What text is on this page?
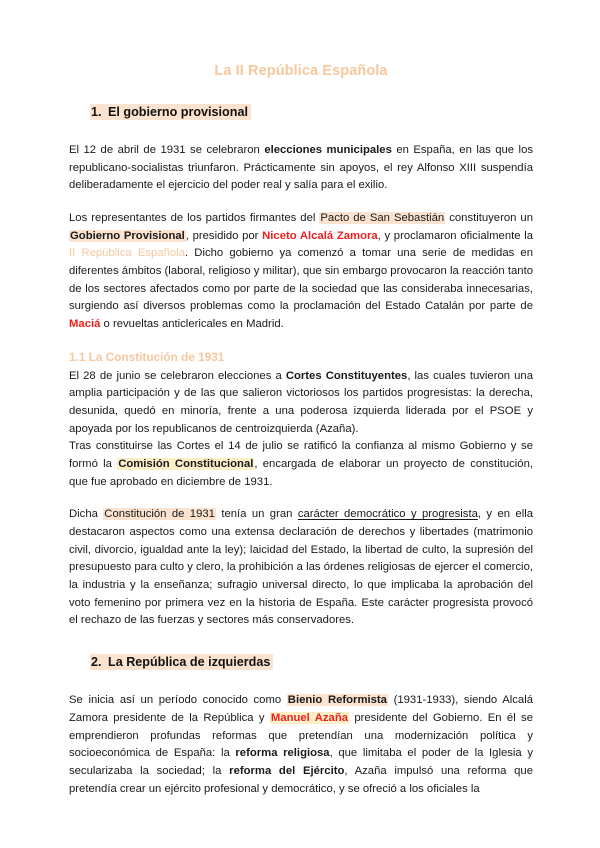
La II República Española
1. El gobierno provisional

El 12 de abril de 1931 se celebraron elecciones municipales en España, en las que los republicano-socialistas triunfaron. Prácticamente sin apoyos, el rey Alfonso XIII suspendía deliberadamente el ejercicio del poder real y salía para el exilio.

Los representantes de los partidos firmantes del Pacto de San Sebastián constituyeron un Gobierno Provisional, presidido por Niceto Alcalá Zamora, y proclamaron oficialmente la II República Española. Dicho gobierno ya comenzó a tomar una serie de medidas en diferentes ámbitos (laboral, religioso y militar), que sin embargo provocaron la reacción tanto de los sectores afectados como por parte de la sociedad que las consideraba innecesarias, surgiendo así diversos problemas como la proclamación del Estado Catalán por parte de Maciá o revueltas anticlericales en Madrid.

1.1 La Constitución de 1931

El 28 de junio se celebraron elecciones a Cortes Constituyentes, las cuales tuvieron una amplia participación y de las que salieron victoriosos los partidos progresistas: la derecha, desunida, quedó en minoría, frente a una poderosa izquierda liderada por el PSOE y apoyada por los republicanos de centroizquierda (Azaña).

Tras constituirse las Cortes el 14 de julio se ratificó la confianza al mismo Gobierno y se formó la Comisión Constitucional, encargada de elaborar un proyecto de constitución, que fue aprobado en diciembre de 1931.

Dicha Constitución de 1931 tenía un gran carácter democrático y progresista, y en ella destacaron aspectos como una extensa declaración de derechos y libertades (matrimonio civil, divorcio, igualdad ante la ley); laicidad del Estado, la libertad de culto, la supresión del presupuesto para culto y clero, la prohibición a las órdenes religiosas de ejercer el comercio, la industria y la enseñanza; sufragio universal directo, lo que implicaba la aprobación del voto femenino por primera vez en la historia de España. Este carácter progresista provocó el rechazo de las fuerzas y sectores más conservadores.

2. La República de izquierdas

Se inicia así un período conocido como Bienio Reformista (1931-1933), siendo Alcalá Zamora presidente de la República y Manuel Azaña presidente del Gobierno. En él se emprendieron profundas reformas que pretendían una modernización política y socioeconómica de España: la reforma religiosa, que limitaba el poder de la Iglesia y secularizaba la sociedad; la reforma del Ejército, Azaña impulsó una reforma que pretendía crear un ejército profesional y democrático, y se ofreció a los oficiales la
